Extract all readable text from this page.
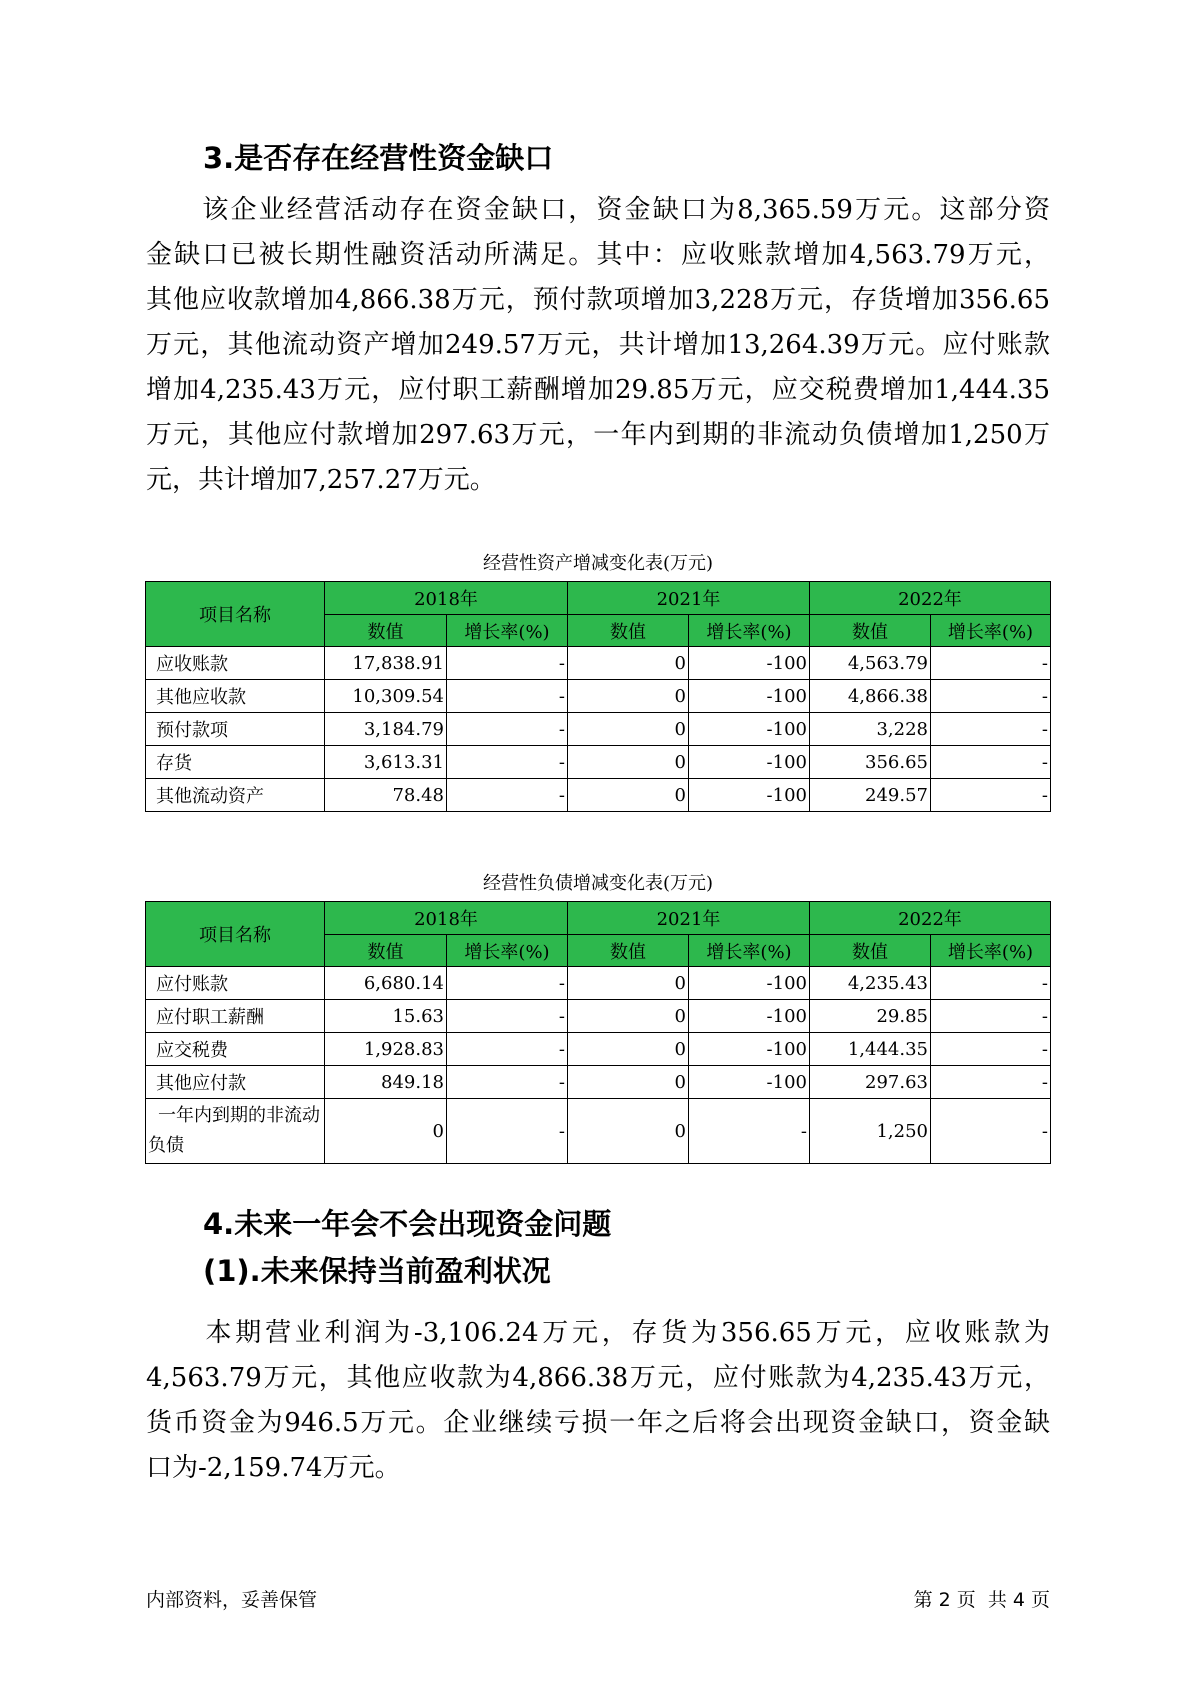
3.是否存在经营性资金缺口
　　该企业经营活动存在资金缺口，资金缺口为8,365.59万元。这部分资
金缺口已被长期性融资活动所满足。其中：应收账款增加4,563.79万元，
其他应收款增加4,866.38万元，预付款项增加3,228万元，存货增加356.65
万元，其他流动资产增加249.57万元，共计增加13,264.39万元。应付账款
增加4,235.43万元，应付职工薪酬增加29.85万元，应交税费增加1,444.35
万元，其他应付款增加297.63万元，一年内到期的非流动负债增加1,250万
元，共计增加7,257.27万元。
经营性资产增减变化表(万元)
项目名称	2018年		2021年		2022年	
	数值	增长率(%)	数值	增长率(%)	数值	增长率(%)
应收账款	17,838.91	-	0	-100	4,563.79	-
其他应收款	10,309.54	-	0	-100	4,866.38	-
预付款项	3,184.79	-	0	-100	3,228	-
存货	3,613.31	-	0	-100	356.65	-
其他流动资产	78.48	-	0	-100	249.57	-
经营性负债增减变化表(万元)
项目名称	2018年		2021年		2022年	
	数值	增长率(%)	数值	增长率(%)	数值	增长率(%)
应付账款	6,680.14	-	0	-100	4,235.43	-
应付职工薪酬	15.63	-	0	-100	29.85	-
应交税费	1,928.83	-	0	-100	1,444.35	-
其他应付款	849.18	-	0	-100	297.63	-
一年内到期的非流动负债	0	-	0	-	1,250	-
4.未来一年会不会出现资金问题
(1).未来保持当前盈利状况
　　本期营业利润为-3,106.24万元，存货为356.65万元，应收账款为
4,563.79万元，其他应收款为4,866.38万元，应付账款为4,235.43万元，
货币资金为946.5万元。企业继续亏损一年之后将会出现资金缺口，资金缺
口为-2,159.74万元。
内部资料，妥善保管	第 2 页  共 4 页
